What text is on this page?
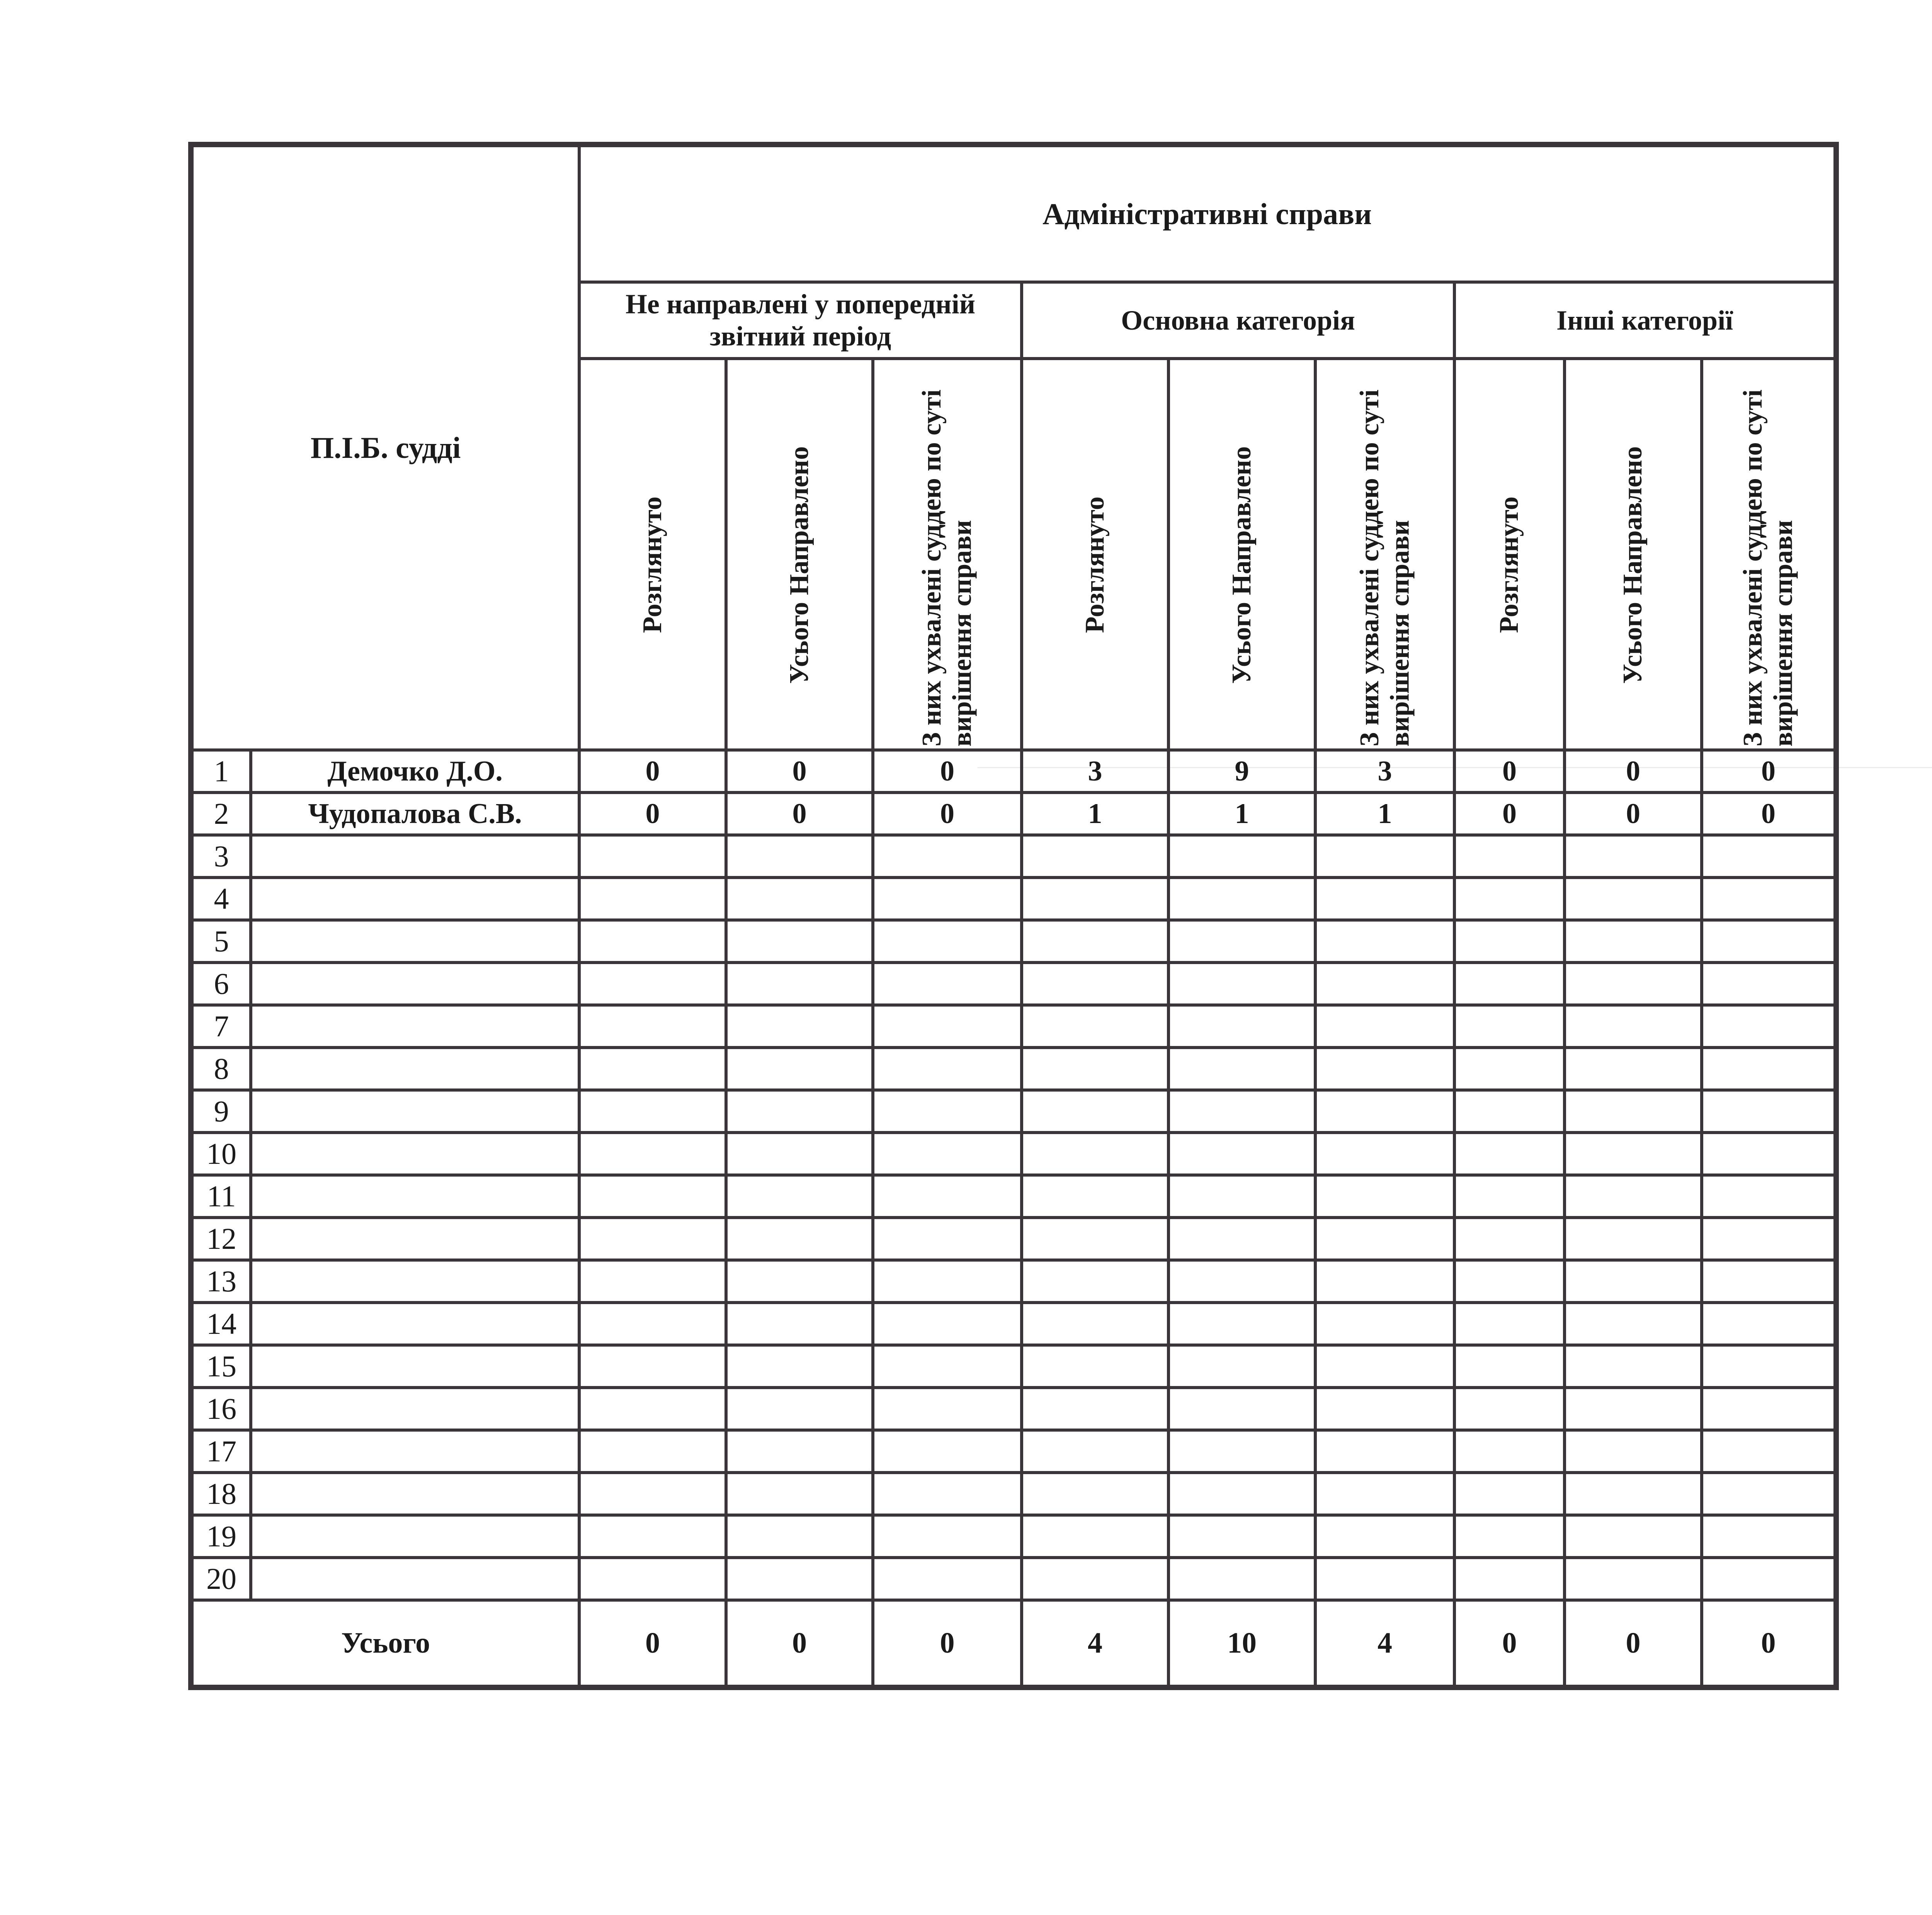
П.І.Б. судді		Адміністративні справи								
		Не направлені у попередній звітний період			Основна категорія			Інші категорії		
		Розглянуто	Усього Направлено	З них ухвалені суддею по суті вирішення справи	Розглянуто	Усього Направлено	З них ухвалені суддею по суті вирішення справи	Розглянуто	Усього Направлено	З них ухвалені суддею по суті вирішення справи
1	Демочко Д.О.	0	0	0	3	9	3	0	0	0
2	Чудопалова С.В.	0	0	0	1	1	1	0	0	0
3										
4										
5										
6										
7										
8										
9										
10										
11										
12										
13										
14										
15										
16										
17										
18										
19										
20										
Усього		0	0	0	4	10	4	0	0	0
